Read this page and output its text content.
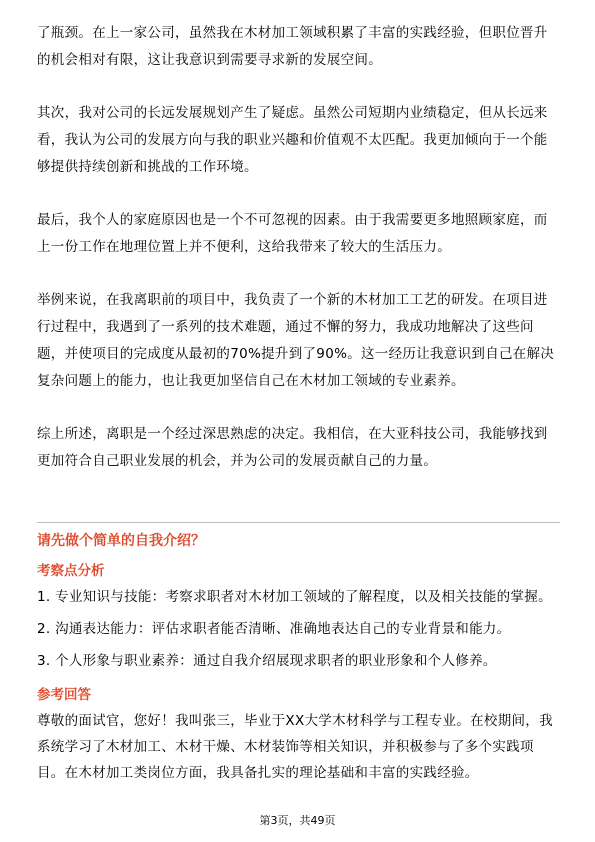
了瓶颈。在上一家公司，虽然我在木材加工领域积累了丰富的实践经验，但职位晋升的机会相对有限，这让我意识到需要寻求新的发展空间。

其次，我对公司的长远发展规划产生了疑虑。虽然公司短期内业绩稳定，但从长远来看，我认为公司的发展方向与我的职业兴趣和价值观不太匹配。我更加倾向于一个能够提供持续创新和挑战的工作环境。

最后，我个人的家庭原因也是一个不可忽视的因素。由于我需要更多地照顾家庭，而上一份工作在地理位置上并不便利，这给我带来了较大的生活压力。

举例来说，在我离职前的项目中，我负责了一个新的木材加工工艺的研发。在项目进行过程中，我遇到了一系列的技术难题，通过不懈的努力，我成功地解决了这些问题，并使项目的完成度从最初的70%提升到了90%。这一经历让我意识到自己在解决复杂问题上的能力，也让我更加坚信自己在木材加工领域的专业素养。

综上所述，离职是一个经过深思熟虑的决定。我相信，在大亚科技公司，我能够找到更加符合自己职业发展的机会，并为公司的发展贡献自己的力量。

请先做个简单的自我介绍？

考察点分析

1. 专业知识与技能：考察求职者对木材加工领域的了解程度，以及相关技能的掌握。

2. 沟通表达能力：评估求职者能否清晰、准确地表达自己的专业背景和能力。

3. 个人形象与职业素养：通过自我介绍展现求职者的职业形象和个人修养。

参考回答

尊敬的面试官，您好！我叫张三，毕业于XX大学木材科学与工程专业。在校期间，我系统学习了木材加工、木材干燥、木材装饰等相关知识，并积极参与了多个实践项目。在木材加工类岗位方面，我具备扎实的理论基础和丰富的实践经验。

第3页，共49页
